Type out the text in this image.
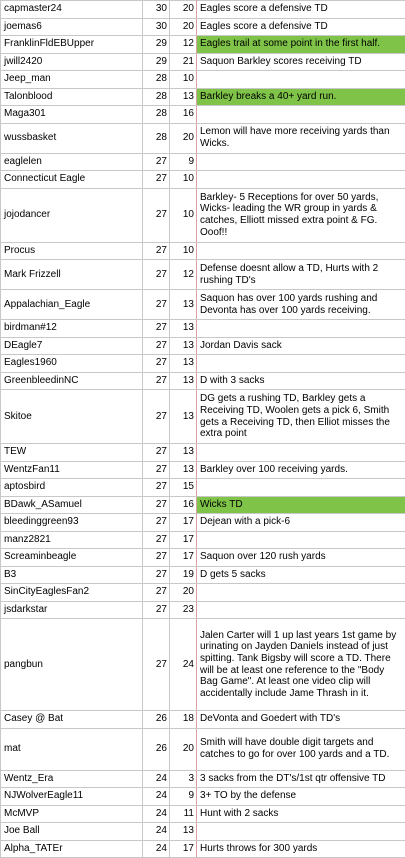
capmaster24	30	20	Eagles score a defensive TD
joemas6	30	20	Eagles score a defensive TD
FranklinFldEBUpper	29	12	Eagles trail at some point in the first half.
jwill2420	29	21	Saquon Barkley scores receiving TD
Jeep_man	28	10	
Talonblood	28	13	Barkley breaks a 40+ yard run.
Maga301	28	16	
wussbasket	28	20	Lemon will have more receiving yards than Wicks.
eaglelen	27	9	
Connecticut Eagle	27	10	
jojodancer	27	10	Barkley- 5 Receptions for over 50 yards, Wicks- leading the WR group in yards & catches, Elliott missed extra point & FG. Ooof!!
Procus	27	10	
Mark Frizzell	27	12	Defense doesnt allow a TD, Hurts with 2 rushing TD's
Appalachian_Eagle	27	13	Saquon has over 100 yards rushing and Devonta has over 100 yards receiving.
birdman#12	27	13	
DEagle7	27	13	Jordan Davis sack
Eagles1960	27	13	
GreenbleedinNC	27	13	D with 3 sacks
Skitoe	27	13	DG gets a rushing TD, Barkley gets a Receiving TD, Woolen gets a pick 6, Smith gets a Receiving TD, then Elliot misses the extra point
TEW	27	13	
WentzFan11	27	13	Barkley over 100 receiving yards.
aptosbird	27	15	
BDawk_ASamuel	27	16	Wicks TD
bleedinggreen93	27	17	Dejean with a pick-6
manz2821	27	17	
Screaminbeagle	27	17	Saquon over 120 rush yards
B3	27	19	D gets 5 sacks
SinCityEaglesFan2	27	20	
jsdarkstar	27	23	
pangbun	27	24	Jalen Carter will 1 up last years 1st game by urinating on Jayden Daniels instead of just spitting. Tank Bigsby will score a TD. There will be at least one reference to the "Body Bag Game". At least one video clip will accidentally include Jame Thrash in it.
Casey @ Bat	26	18	DeVonta and Goedert with TD's
mat	26	20	Smith will have double digit targets and catches to go for over 100 yards and a TD.
Wentz_Era	24	3	3 sacks from the DT's/1st qtr offensive TD
NJWolverEagle11	24	9	3+ TO by the defense
McMVP	24	11	Hunt with 2 sacks
Joe Ball	24	13	
Alpha_TATEr	24	17	Hurts throws for 300 yards
